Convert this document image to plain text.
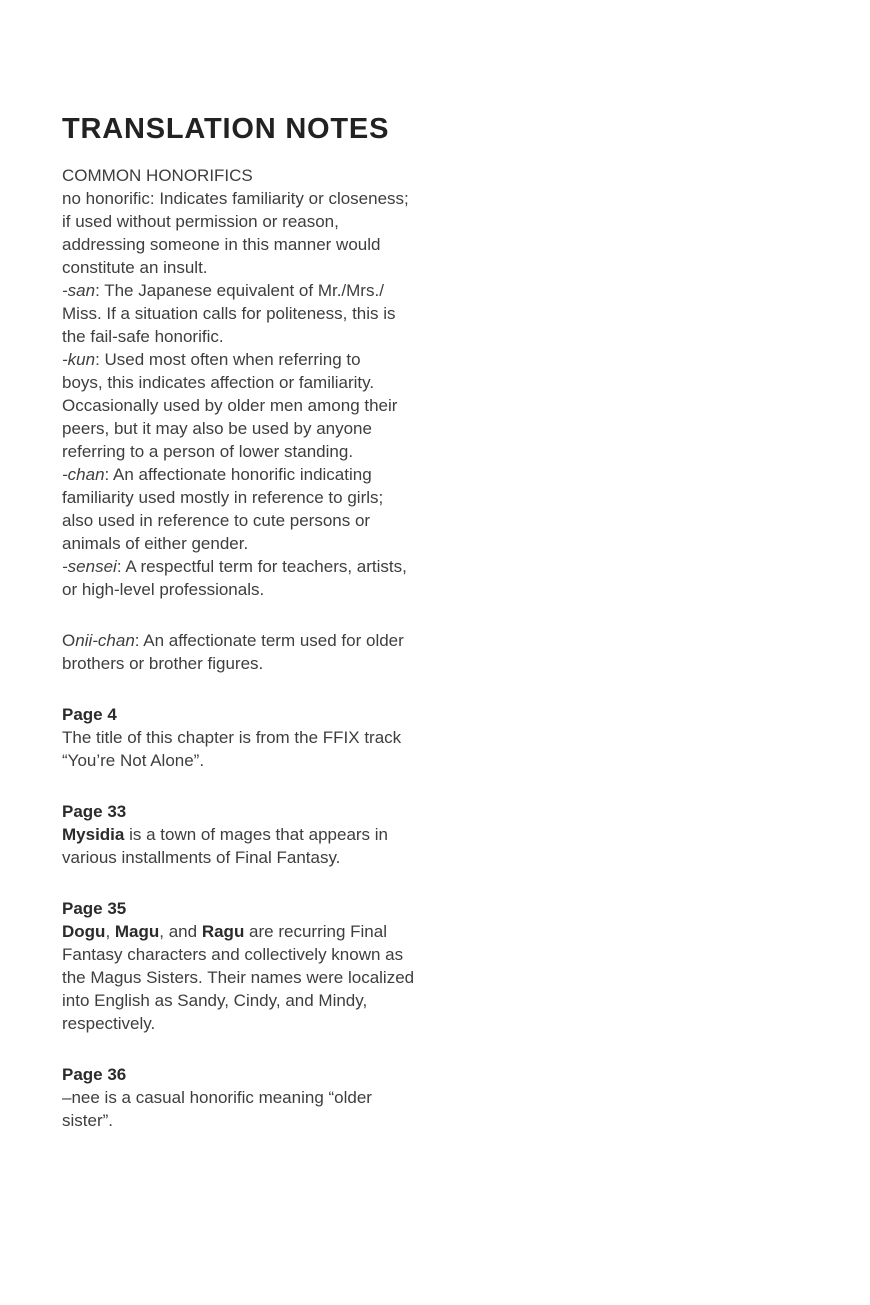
TRANSLATION NOTES
COMMON HONORIFICS
no honorific: Indicates familiarity or closeness;
if used without permission or reason,
addressing someone in this manner would
constitute an insult.
-san: The Japanese equivalent of Mr./Mrs./
Miss. If a situation calls for politeness, this is
the fail-safe honorific.
-kun: Used most often when referring to
boys, this indicates affection or familiarity.
Occasionally used by older men among their
peers, but it may also be used by anyone
referring to a person of lower standing.
-chan: An affectionate honorific indicating
familiarity used mostly in reference to girls;
also used in reference to cute persons or
animals of either gender.
-sensei: A respectful term for teachers, artists,
or high-level professionals.
Onii-chan: An affectionate term used for older
brothers or brother figures.
Page 4
The title of this chapter is from the FFIX track
“You’re Not Alone”.
Page 33
Mysidia is a town of mages that appears in
various installments of Final Fantasy.
Page 35
Dogu, Magu, and Ragu are recurring Final
Fantasy characters and collectively known as
the Magus Sisters. Their names were localized
into English as Sandy, Cindy, and Mindy,
respectively.
Page 36
–nee is a casual honorific meaning “older
sister”.
